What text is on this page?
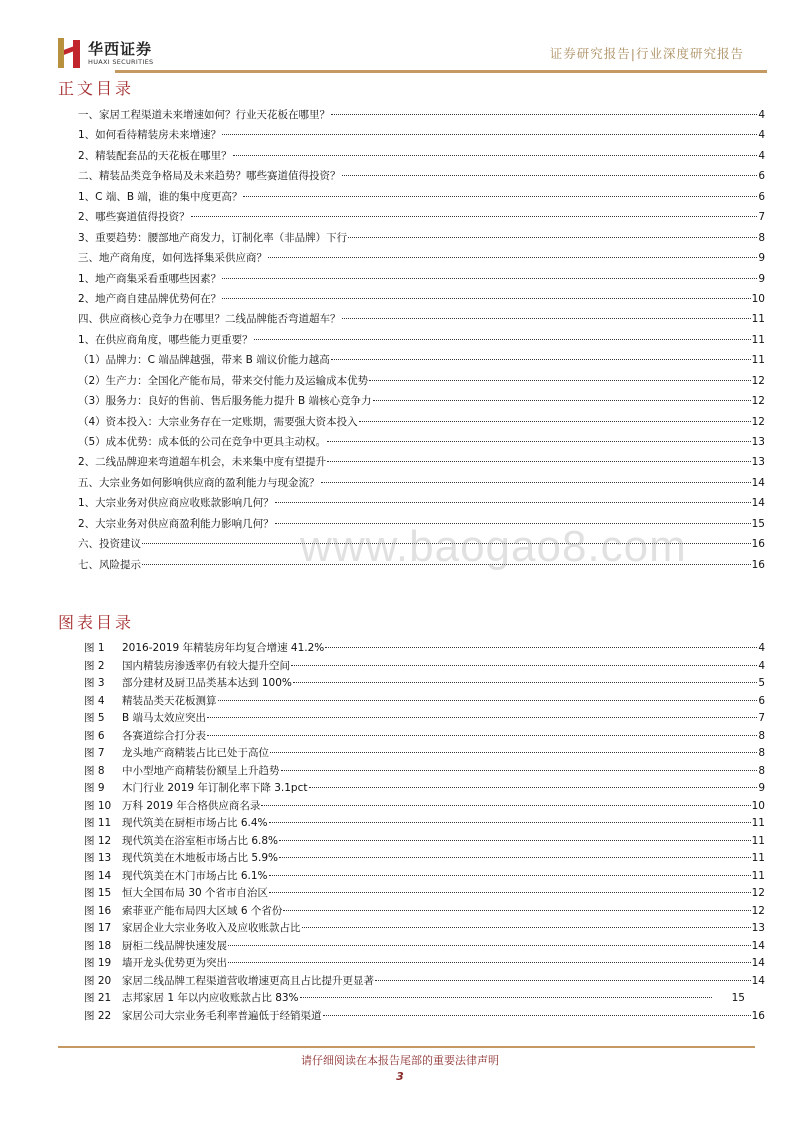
华西证券
HUAXI SECURITIES
证券研究报告|行业深度研究报告
正文目录
一、家居工程渠道未来增速如何？行业天花板在哪里？	4
1、如何看待精装房未来增速？	4
2、精装配套品的天花板在哪里？	4
二、精装品类竞争格局及未来趋势？哪些赛道值得投资？	6
1、C 端、B 端，谁的集中度更高？	6
2、哪些赛道值得投资？	7
3、重要趋势：腰部地产商发力，订制化率（非品牌）下行	8
三、地产商角度，如何选择集采供应商？	9
1、地产商集采看重哪些因素？	9
2、地产商自建品牌优势何在？	10
四、供应商核心竞争力在哪里？二线品牌能否弯道超车？	11
1、在供应商角度，哪些能力更重要？	11
（1）品牌力：C 端品牌越强，带来 B 端议价能力越高	11
（2）生产力：全国化产能布局，带来交付能力及运输成本优势	12
（3）服务力：良好的售前、售后服务能力提升 B 端核心竞争力	12
（4）资本投入：大宗业务存在一定账期，需要强大资本投入	12
（5）成本优势：成本低的公司在竞争中更具主动权。	13
2、二线品牌迎来弯道超车机会，未来集中度有望提升	13
五、大宗业务如何影响供应商的盈利能力与现金流？	14
1、大宗业务对供应商应收账款影响几何？	14
2、大宗业务对供应商盈利能力影响几何？	15
六、投资建议	16
七、风险提示	16
www.baogao8.com
图表目录
图 1	2016-2019 年精装房年均复合增速 41.2%	4
图 2	国内精装房渗透率仍有较大提升空间	4
图 3	部分建材及厨卫品类基本达到 100%	5
图 4	精装品类天花板测算	6
图 5	B 端马太效应突出	7
图 6	各赛道综合打分表	8
图 7	龙头地产商精装占比已处于高位	8
图 8	中小型地产商精装份额呈上升趋势	8
图 9	木门行业 2019 年订制化率下降 3.1pct	9
图 10	万科 2019 年合格供应商名录	10
图 11	现代筑美在厨柜市场占比 6.4%	11
图 12	现代筑美在浴室柜市场占比 6.8%	11
图 13	现代筑美在木地板市场占比 5.9%	11
图 14	现代筑美在木门市场占比 6.1%	11
图 15	恒大全国布局 30 个省市自治区	12
图 16	索菲亚产能布局四大区域 6 个省份	12
图 17	家居企业大宗业务收入及应收账款占比	13
图 18	厨柜二线品牌快速发展	14
图 19	墙开龙头优势更为突出	14
图 20	家居二线品牌工程渠道营收增速更高且占比提升更显著	14
图 21	志邦家居 1 年以内应收账款占比 83%	15
图 22	家居公司大宗业务毛利率普遍低于经销渠道	16
请仔细阅读在本报告尾部的重要法律声明
3
